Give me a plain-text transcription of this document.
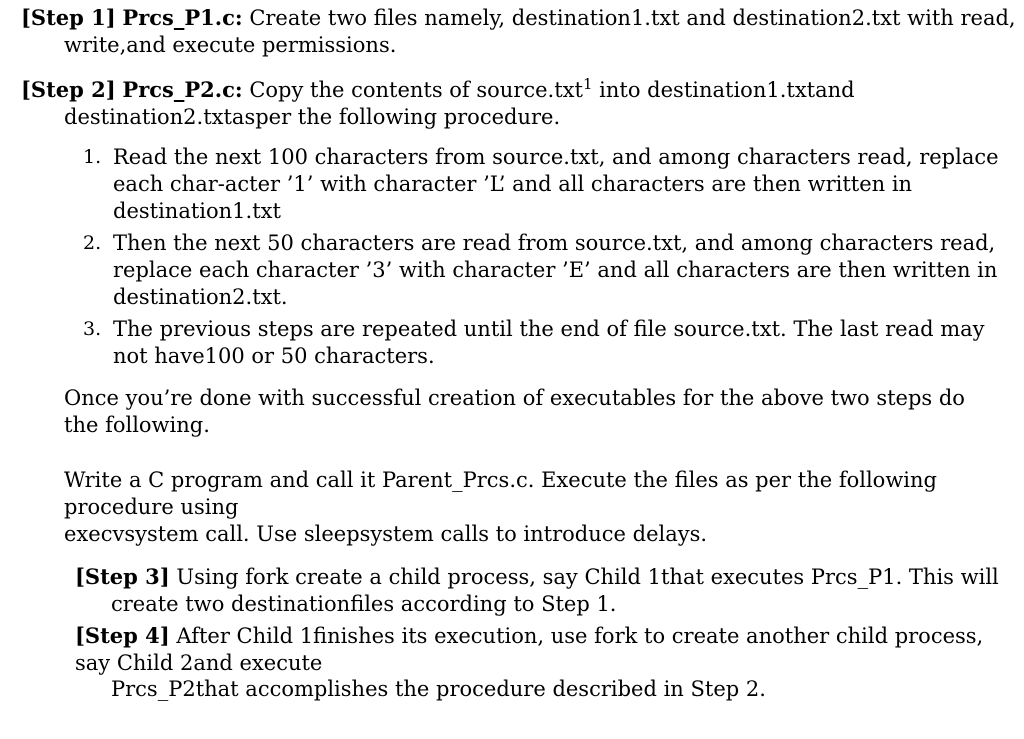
[Step 1] Prcs_P1.c: Create two files namely, destination1.txt and destination2.txt with read, write,and execute permissions.

[Step 2] Prcs_P2.c: Copy the contents of source.txt$^1$ into destination1.txtand destination2.txtasper the following procedure.

1. Read the next 100 characters from source.txt, and among characters read, replace each char-acter ’1’ with character ’L’ and all characters are then written in destination1.txt
2. Then the next 50 characters are read from source.txt, and among characters read, replace each character ’3’ with character ’E’ and all characters are then written in destination2.txt.
3. The previous steps are repeated until the end of file source.txt. The last read may not have100 or 50 characters.

Once you’re done with successful creation of executables for the above two steps do the following.

Write a C program and call it Parent_Prcs.c. Execute the files as per the following procedure using

execvsystem call. Use sleepsystem calls to introduce delays.

[Step 3] Using fork create a child process, say Child 1that executes Prcs_P1. This will create two destinationfiles according to Step 1.

[Step 4] After Child 1finishes its execution, use fork to create another child process, say Child 2and execute

Prcs_P2that accomplishes the procedure described in Step 2.
